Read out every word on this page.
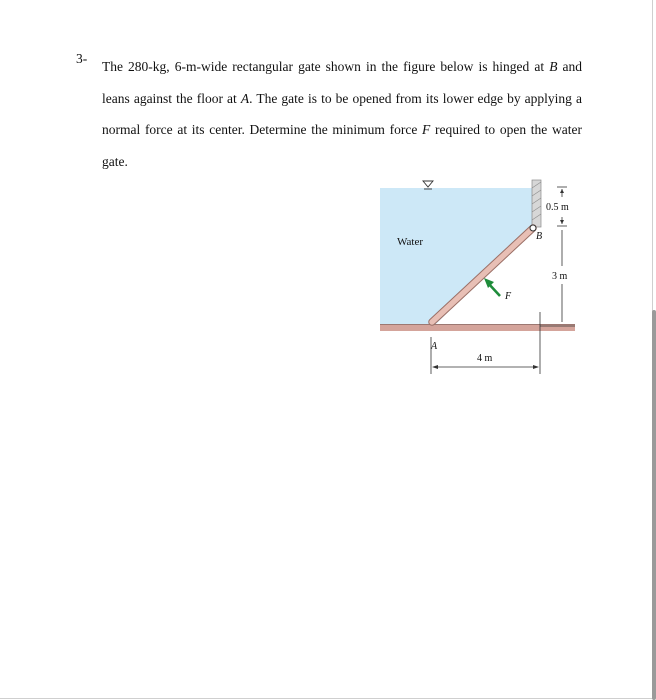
3-
The 280-kg, 6-m-wide rectangular gate shown in the figure below is hinged at B and leans against the floor at A. The gate is to be opened from its lower edge by applying a normal force at its center. Determine the minimum force F required to open the water gate.
Water	B
F
A
0.5 m
3 m
4 m
